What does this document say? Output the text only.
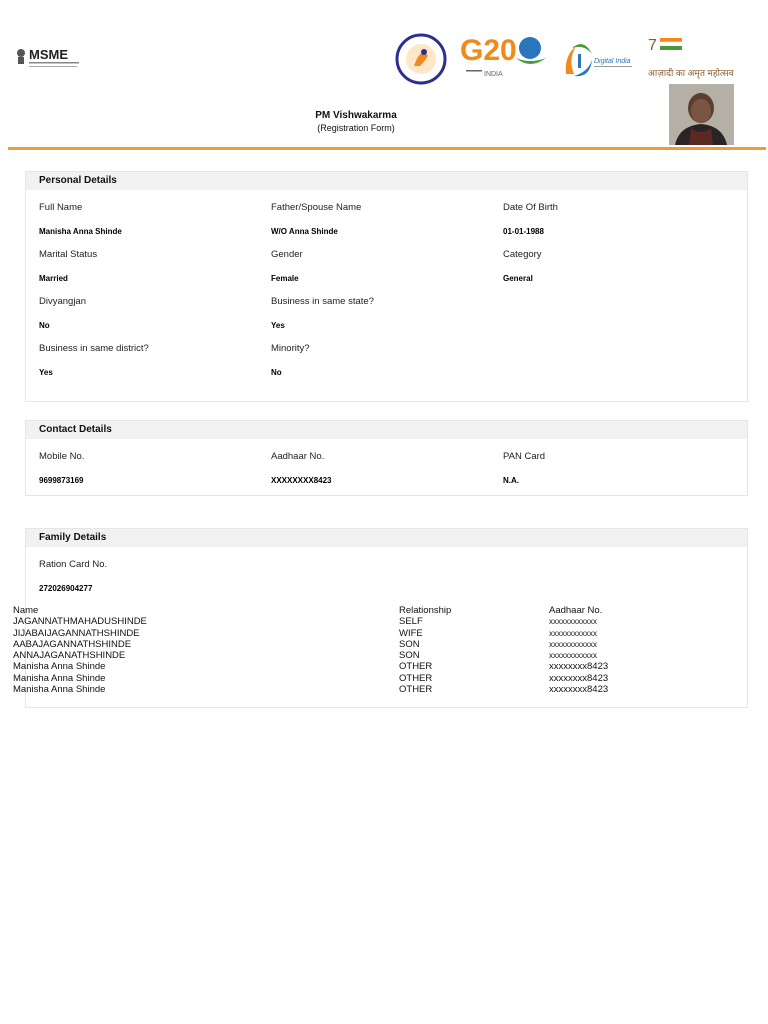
MSME	G20
INDIA
Digital India
7
आज़ादी का अमृत महोत्सव
PM Vishwakarma
(Registration Form)
Personal Details
Full Name
Manisha Anna Shinde
Father/Spouse Name
W/O Anna Shinde
Date Of Birth
01-01-1988
Marital Status
Married
Gender
Female
Category
General
Divyangjan
No
Business in same state?
Yes
Business in same district?
Yes
Minority?
No
Contact Details
Mobile No.
9699873169
Aadhaar No.
XXXXXXXX8423
PAN Card
N.A.
Family Details
Ration Card No.
272026904277
Name
JAGANNATHMAHADUSHINDE
JIJABAIJAGANNATHSHINDE
AABAJAGANNATHSHINDE
ANNAJAGANATHSHINDE
Manisha Anna Shinde
Manisha Anna Shinde
Manisha Anna Shinde
Relationship
SELF
WIFE
SON
SON
OTHER
OTHER
OTHER
Aadhaar No.
xxxxxxxxxxxx
xxxxxxxxxxxx
xxxxxxxxxxxx
xxxxxxxxxxxx
xxxxxxxx8423
xxxxxxxx8423
xxxxxxxx8423
